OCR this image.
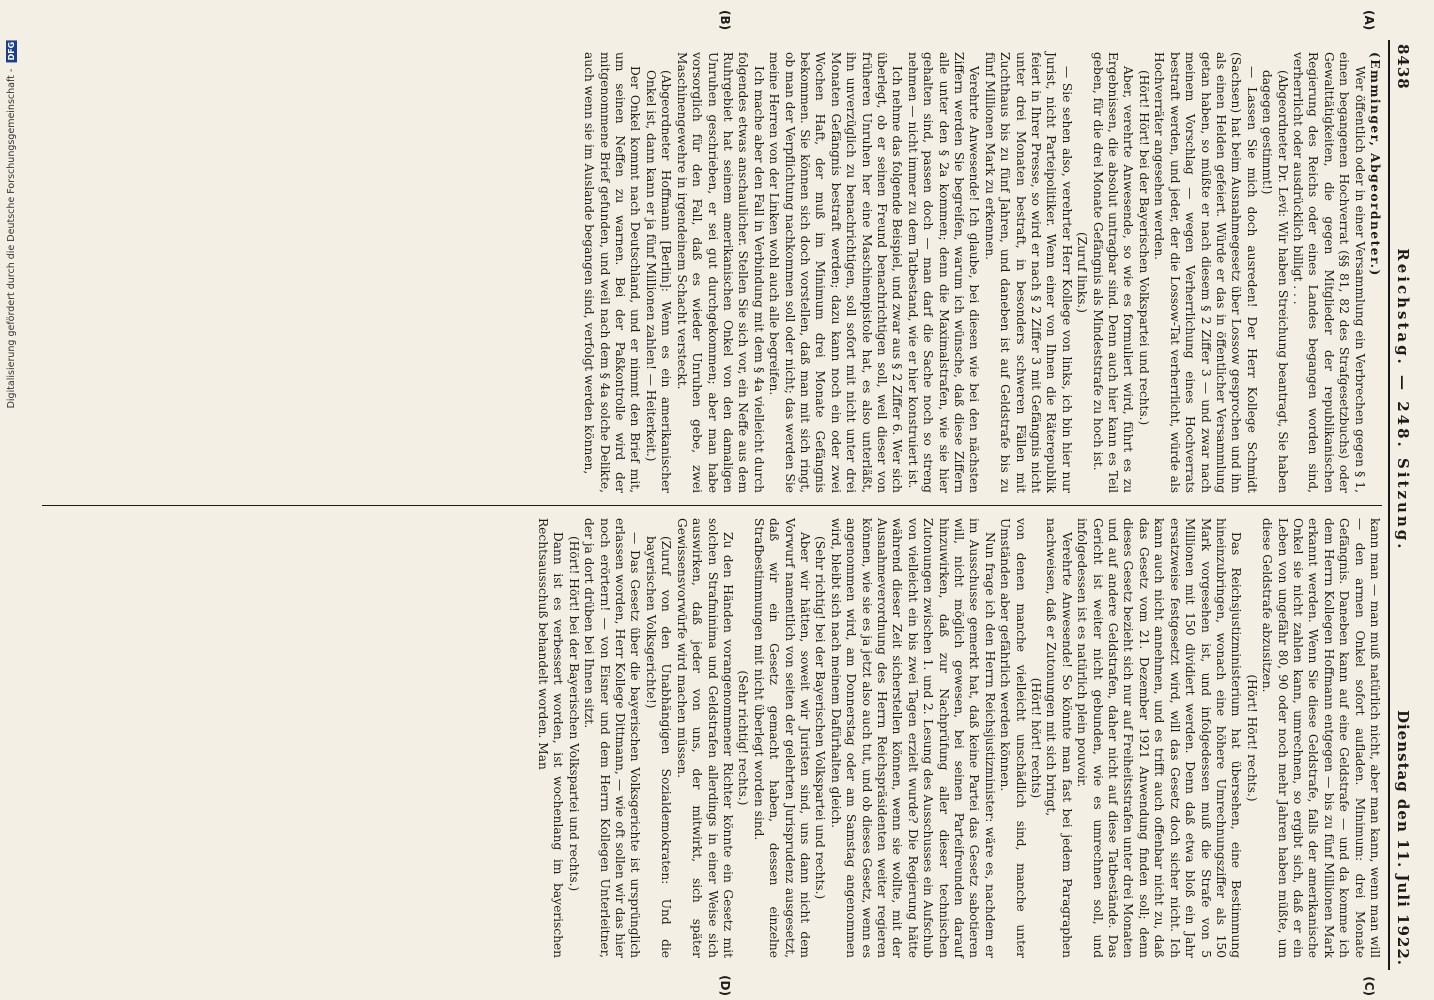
8438
Reichstag. — 248. Sitzung.
Dienstag den 11. Juli 1922.
(A)
(B)

(Emminger, Abgeordneter.)

Wer öffentlich oder in einer Versammlung ein Verbrechen gegen § 1, einen begangenen Hochverrat (§§ 81, 82 des Strafgesetzbuchs) oder Gewalttätigkeiten, die gegen Mitglieder der republikanischen Regierung des Reichs oder eines Landes begangen worden sind, verherrlicht oder ausdrücklich billigt . . .

(Abgeordneter Dr. Levi: Wir haben Streichung beantragt, Sie haben dagegen gestimmt!)

— Lassen Sie mich doch ausreden! Der Herr Kollege Schmidt (Sachsen) hat beim Ausnahmegesetz über Lossow gesprochen und ihn als einen Helden gefeiert. Würde er das in öffentlicher Versammlung getan haben, so müßte er nach diesem § 2 Ziffer 3 — und zwar nach meinem Vorschlag — wegen Verherrlichung eines Hochverrats bestraft werden, und jeder, der die Lossow-Tat verherrlicht, würde als Hochverräter angesehen werden.

(Hört! Hört! bei der Bayerischen Volkspartei und rechts.)

Aber, verehrte Anwesende, so wie es formuliert wird, führt es zu Ergebnissen, die absolut untragbar sind. Denn auch hier kann es Teil geben, für die drei Monate Gefängnis als Mindeststrafe zu hoch ist.

(Zuruf links.)

— Sie sehen also, verehrter Herr Kollege von links, ich bin hier nur Jurist, nicht Parteipolitiker. Wenn einer von Ihnen die Räterepublik feiert in Ihrer Presse, so wird er nach § 2 Ziffer 3 mit Gefängnis nicht unter drei Monaten bestraft, in besonders schweren Fällen mit Zuchthaus bis zu fünf Jahren, und daneben ist auf Geldstrafe bis zu fünf Millionen Mark zu erkennen.

Verehrte Anwesende! Ich glaube, bei diesen wie bei den nächsten Ziffern werden Sie begreifen, warum ich wünsche, daß diese Ziffern alle unter den § 2a kommen; denn die Maximalstrafen, wie sie hier gehalten sind, passen doch — man darf die Sache noch so streng nehmen — nicht immer zu dem Tatbestand, wie er hier konstruiert ist.

Ich nehme das folgende Beispiel, und zwar aus § 2 Ziffer 6. Wer sich überlegt, ob er seinen Freund benachrichtigen soll, weil dieser von früheren Unruhen her eine Maschinenpistole hat, es also unterläßt, ihn unverzüglich zu benachrichtigen, soll sofort mit nicht unter drei Monaten Gefängnis bestraft werden; dazu kann noch ein oder zwei Wochen Haft, der muß im Minimum drei Monate Gefängnis bekommen. Sie können sich doch vorstellen, daß man mit sich ringt, ob man der Verpflichtung nachkommen soll oder nicht; das werden Sie meine Herren von der Linken wohl auch alle begreifen.

Ich mache aber den Fall in Verbindung mit dem § 4a vielleicht durch folgendes etwas anschaulicher. Stellen Sie sich vor, ein Neffe aus dem Ruhrgebiet hat seinem amerikanischen Onkel von den damaligen Unruhen geschrieben, er sei gut durchgekommen; aber man habe vorsorglich für den Fall, daß es wieder Unruhen gebe, zwei Maschinengewehre in irgendeinem Schacht versteckt.

(Abgeordneter Hoffmann [Berlin]: Wenn es ein amerikanischer Onkel ist, dann kann er ja fünf Millionen zahlen! — Heiterkeit.)

Der Onkel kommt nach Deutschland, und er nimmt den Brief mit, um seinen Neffen zu warnen. Bei der Paßkontrolle wird der mitgenommene Brief gefunden, und weil nach dem § 4a solche Delikte, auch wenn sie im Auslande begangen sind, verfolgt werden können,

(C)
(D)

kann man — man muß natürlich nicht, aber man kann, wenn man will — den armen Onkel sofort aufladen. Minimum: drei Monate Gefängnis. Daneben kann auf eine Geldstrafe — und da komme ich dem Herrn Kollegen Hoffmann entgegen — bis zu fünf Millionen Mark erkannt werden. Wenn Sie diese Geldstrafe, falls der amerikanische Onkel sie nicht zahlen kann, umrechnen, so ergibt sich, daß er ein Leben von ungefähr 80, 90 oder noch mehr Jahren haben müßte, um diese Geldstrafe abzusitzen.

(Hört! Hört! rechts.)

Das Reichsjustizministerium hat übersehen, eine Bestimmung hineinzubringen, wonach eine höhere Umrechnungsziffer als 150 Mark vorgesehen ist, und infolgedessen muß die Strafe von 5 Millionen mit 150 dividiert werden. Denn daß etwa bloß ein Jahr ersatzweise festgesetzt wird, will das Gesetz doch sicher nicht. Ich kann auch nicht annehmen, und es trifft auch offenbar nicht zu, daß das Gesetz vom 21. Dezember 1921 Anwendung finden soll; denn dieses Gesetz bezieht sich nur auf Freiheitsstrafen unter drei Monaten und auf andere Geldstrafen, daher nicht auf diese Tatbestände. Das Gericht ist weiter nicht gebunden, wie es umrechnen soll, und infolgedessen ist es natürlich plein pouvoir.

Verehrte Anwesende! So könnte man fast bei jedem Paragraphen nachweisen, daß er Zutonungen mit sich bringt,

(Hört! hört! rechts)

von denen manche vielleicht unschädlich sind, manche unter Umständen aber gefährlich werden können.

Nun frage ich den Herrn Reichsjustizminister: wäre es, nachdem er im Ausschusse gemerkt hat, daß keine Partei das Gesetz sabotieren will, nicht möglich gewesen, bei seinen Parteifreunden darauf hinzuwirken, daß zur Nachprüfung aller dieser technischen Zutonungen zwischen 1. und 2. Lesung des Ausschusses ein Aufschub von vielleicht ein bis zwei Tagen erzielt wurde? Die Regierung hätte während dieser Zeit sicherstellen können, wenn sie wollte, mit der Ausnahmeverordnung des Herrn Reichspräsidenten weiter regieren können, wie sie es ja jetzt also auch tut, und ob dieses Gesetz, wenn es angenommen wird, am Donnerstag oder am Samstag angenommen wird, bleibt sich nach meinem Dafürhalten gleich.

(Sehr richtig! bei der Bayerischen Volkspartei und rechts.)

Aber wir hätten, soweit wir Juristen sind, uns dann nicht dem Vorwurf namentlich von seiten der gelehrten Jurisprudenz ausgesetzt, daß wir ein Gesetz gemacht haben, dessen einzelne Strafbestimmungen mit nicht überlegt worden sind.

(Sehr richtig! rechts.)

Zu den Händen vorangenommener Richter könnte ein Gesetz mit solchen Strafminima und Geldstrafen allerdings in einer Weise sich auswirken, daß jeder von uns, der mitwirkt, sich später Gewissensvorwürfe wird machen müssen.

(Zuruf von den Unabhängigen Sozialdemokraten: Und die bayerischen Volksgerichte!)

— Das Gesetz über die bayerischen Volksgerichte ist ursprünglich erlassen worden, Herr Kollege Dittmann, — wie oft sollen wir das hier noch erörtern! — von Eisner und dem Herrn Kollegen Unterleitner, der ja dort drüben bei Ihnen sitzt.

(Hört! Hört! bei der Bayerischen Volkspartei und rechts.)

Dann ist es verbessert worden, ist wochenlang im bayerischen Rechtsausschuß behandelt worden. Man

Digitalisierung gefördert durch die Deutsche Forschungsgemeinschaft -
DFG
